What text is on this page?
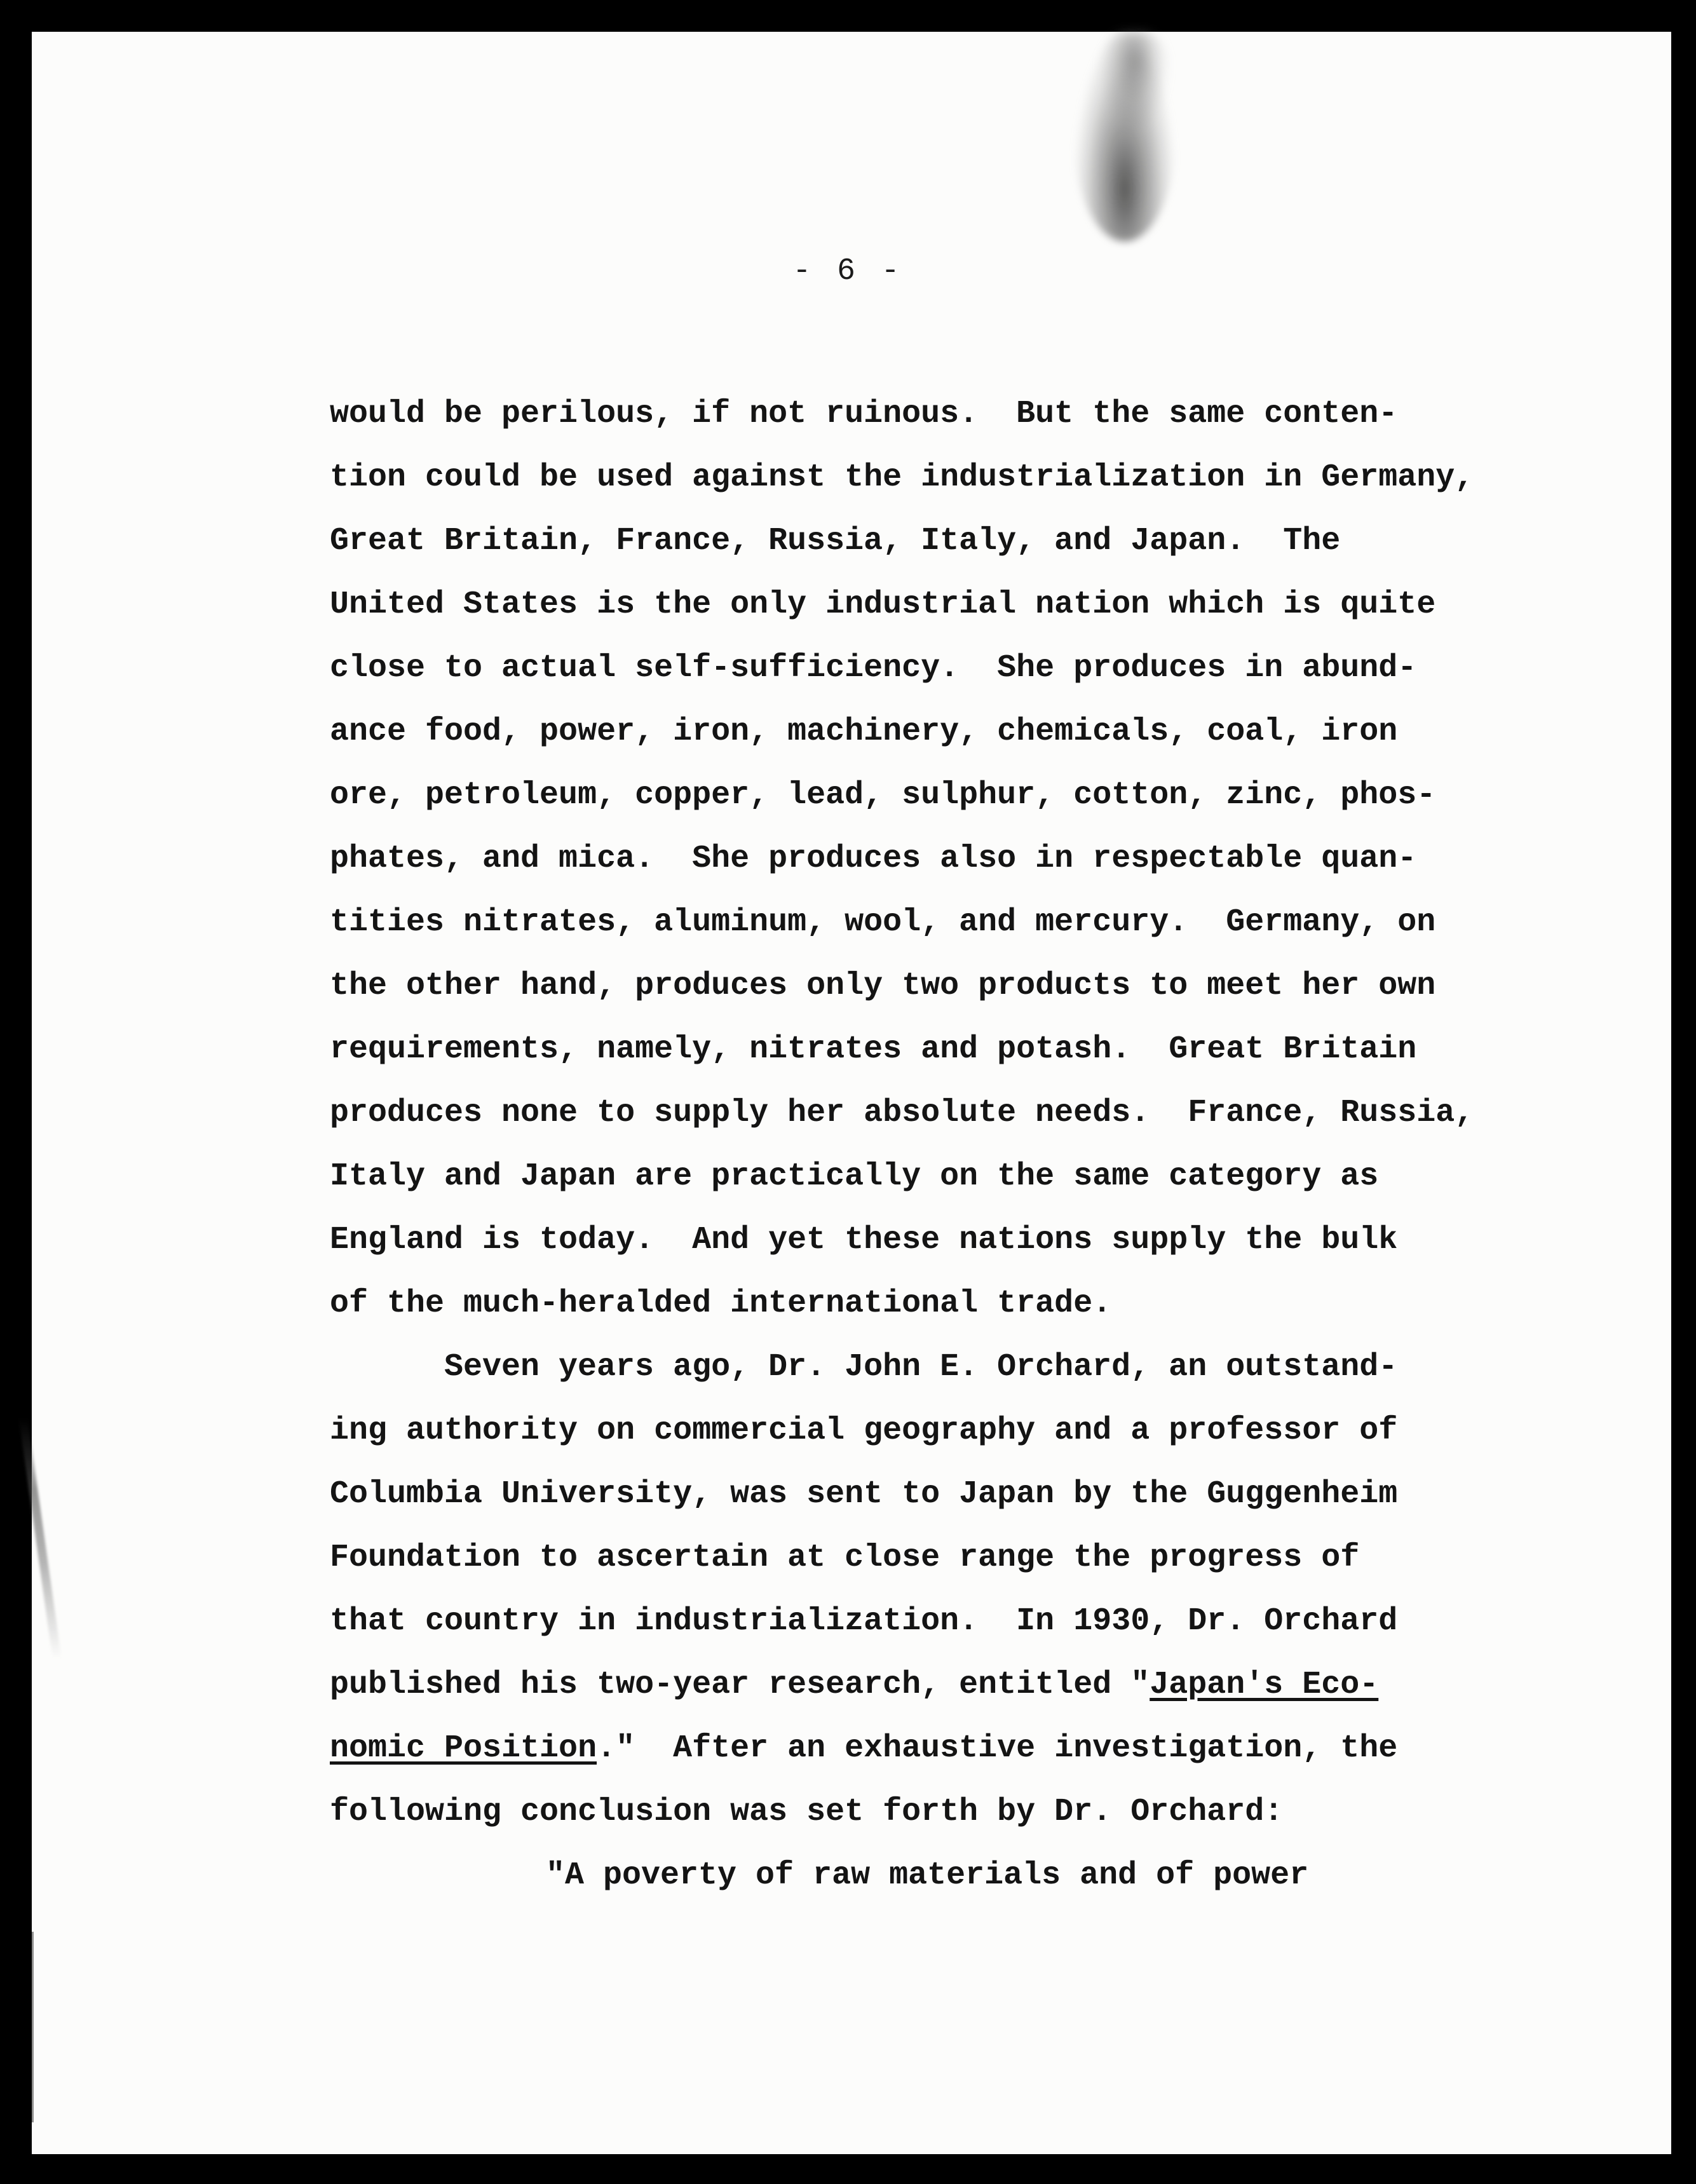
- 6 -
would be perilous, if not ruinous.  But the same conten-
tion could be used against the industrialization in Germany,
Great Britain, France, Russia, Italy, and Japan.  The
United States is the only industrial nation which is quite
close to actual self-sufficiency.  She produces in abund-
ance food, power, iron, machinery, chemicals, coal, iron
ore, petroleum, copper, lead, sulphur, cotton, zinc, phos-
phates, and mica.  She produces also in respectable quan-
tities nitrates, aluminum, wool, and mercury.  Germany, on
the other hand, produces only two products to meet her own
requirements, namely, nitrates and potash.  Great Britain
produces none to supply her absolute needs.  France, Russia,
Italy and Japan are practically on the same category as
England is today.  And yet these nations supply the bulk
of the much-heralded international trade.
Seven years ago, Dr. John E. Orchard, an outstand-
ing authority on commercial geography and a professor of
Columbia University, was sent to Japan by the Guggenheim
Foundation to ascertain at close range the progress of
that country in industrialization.  In 1930, Dr. Orchard
published his two-year research, entitled "Japan's Eco-
nomic Position."  After an exhaustive investigation, the
following conclusion was set forth by Dr. Orchard:
"A poverty of raw materials and of power
